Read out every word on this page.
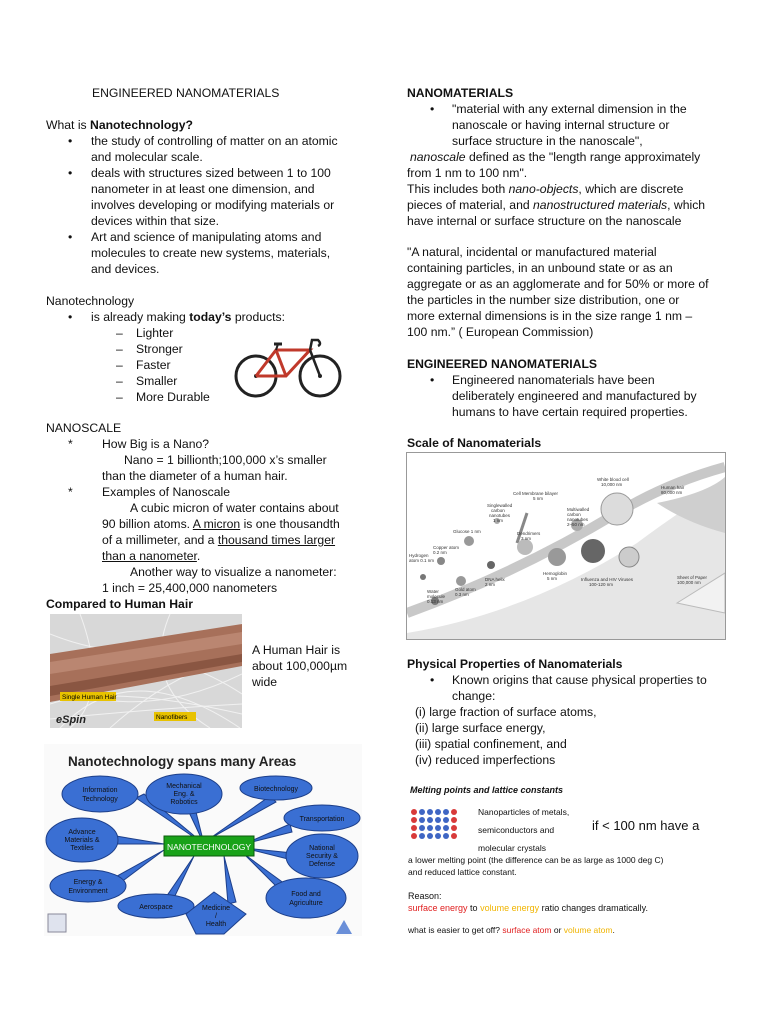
ENGINEERED NANOMATERIALS
What is Nanotechnology?
• the study of controlling of matter on an atomic
and molecular scale.
• deals with structures sized between 1 to 100
nanometer in at least one dimension, and
involves developing or modifying materials or
devices within that size.
• Art and science of manipulating atoms and
molecules to create new systems, materials,
and devices.
Nanotechnology
• is already making today’s products:
– Lighter
– Stronger
– Faster
– Smaller
– More Durable
NANOSCALE
* How Big is a Nano?
Nano = 1 billionth;100,000 x’s smaller
than the diameter of a human hair.
* Examples of Nanoscale
A cubic micron of water contains about
90 billion atoms. A micron is one thousandth
of a millimeter, and a thousand times larger
than a nanometer.
Another way to visualize a nanometer:
1 inch = 25,400,000 nanometers
Compared to Human Hair
Single Human Hair
Nanofibers
eSpin
A Human Hair is
about 100,000µm
wide
Nanotechnology spans many Areas
NANOTECHNOLOGY
Information Technology
Mechanical Eng. & Robotics
Biotechnology
Transportation
Advance Materials & Textiles	National Security & Defense
Energy & Environment
Aerospace	Medicine / Health
Food and Agriculture
NANOMATERIALS
• "material with any external dimension in the
nanoscale or having internal structure or
surface structure in the nanoscale",
nanoscale defined as the "length range approximately
from 1 nm to 100 nm".
This includes both nano-objects, which are discrete
pieces of material, and nanostructured materials, which
have internal or surface structure on the nanoscale
"A natural, incidental or manufactured material
containing particles, in an unbound state or as an
aggregate or as an agglomerate and for 50% or more of
the particles in the number size distribution, one or
more external dimensions is in the size range 1 nm –
100 nm.” ( European Commission)
ENGINEERED NANOMATERIALS
• Engineered nanomaterials have been
deliberately engineered and manufactured by
humans to have certain required properties.
Scale of Nanomaterials
Hydrogen
atom 0.1 nm
Water
molecule
0.13 nm
Copper atom
0.2 nm
Gold atom
0.3 nm
Glucose 1 nm
DNA helix
2 nm
Singlewalled
carbon
nanotubes
1 nm
Cell Membrane bilayer
5 nm
Dendrimers
3 nm
Hemoglobin
5 nm
Multiwalled
carbon
nanotubes
2–50 nm
Influenza and HIV Viruses
100-120 nm
White blood cell
10,000 nm
Human hair
80,000 nm
Sheet of Paper
100,000 nm
Physical Properties of Nanomaterials
• Known origins that cause physical properties to
change:
(i) large fraction of surface atoms,
(ii) large surface energy,
(iii) spatial confinement, and
(iv) reduced imperfections
Melting points and lattice constants
Nanoparticles of metals,
semiconductors and	if < 100 nm have a
molecular crystals
a lower melting point (the difference can be as large as 1000 deg C)
and reduced lattice constant.
Reason:
surface energy to volume energy ratio changes dramatically.
what is easier to get off? surface atom or volume atom.
